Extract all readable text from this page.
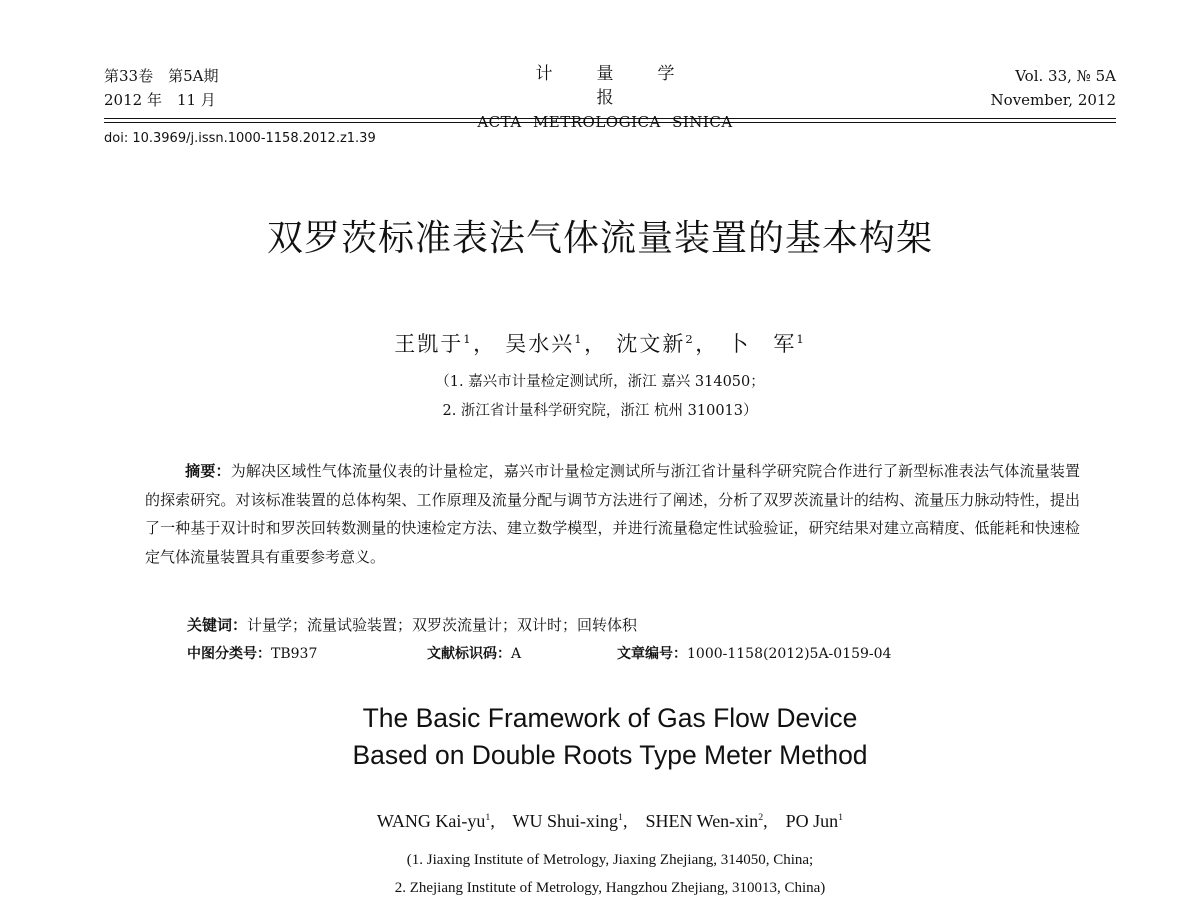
第33卷　第5A期
2012 年　11 月
计量学报
ACTA METROLOGICA SINICA
Vol. 33, № 5A
November, 2012
doi: 10.3969/j.issn.1000-1158.2012.z1.39
双罗茨标准表法气体流量装置的基本构架
王凯于$^1$， 吴水兴$^1$， 沈文新$^2$， 卜　军$^1$
（1. 嘉兴市计量检定测试所，浙江 嘉兴 314050；
2. 浙江省计量科学研究院，浙江 杭州 310013）
摘要：为解决区域性气体流量仪表的计量检定，嘉兴市计量检定测试所与浙江省计量科学研究院合作进行了新型标准表法气体流量装置的探索研究。对该标准装置的总体构架、工作原理及流量分配与调节方法进行了阐述，分析了双罗茨流量计的结构、流量压力脉动特性，提出了一种基于双计时和罗茨回转数测量的快速检定方法、建立数学模型，并进行流量稳定性试验验证，研究结果对建立高精度、低能耗和快速检定气体流量装置具有重要参考意义。
关键词：计量学；流量试验装置；双罗茨流量计；双计时；回转体积
中图分类号：TB937	文献标识码：A	文章编号：1000-1158(2012)5A-0159-04
The Basic Framework of Gas Flow Device
Based on Double Roots Type Meter Method
WANG Kai-$yu^1$,    WU Shui-xing$^1$,    SHEN Wen-xin$^2$,    PO Jun$^1$
(1. Jiaxing Institute of Metrology, Jiaxing Zhejiang, 314050, China;
2. Zhejiang Institute of Metrology, Hangzhou Zhejiang, 310013, China)
